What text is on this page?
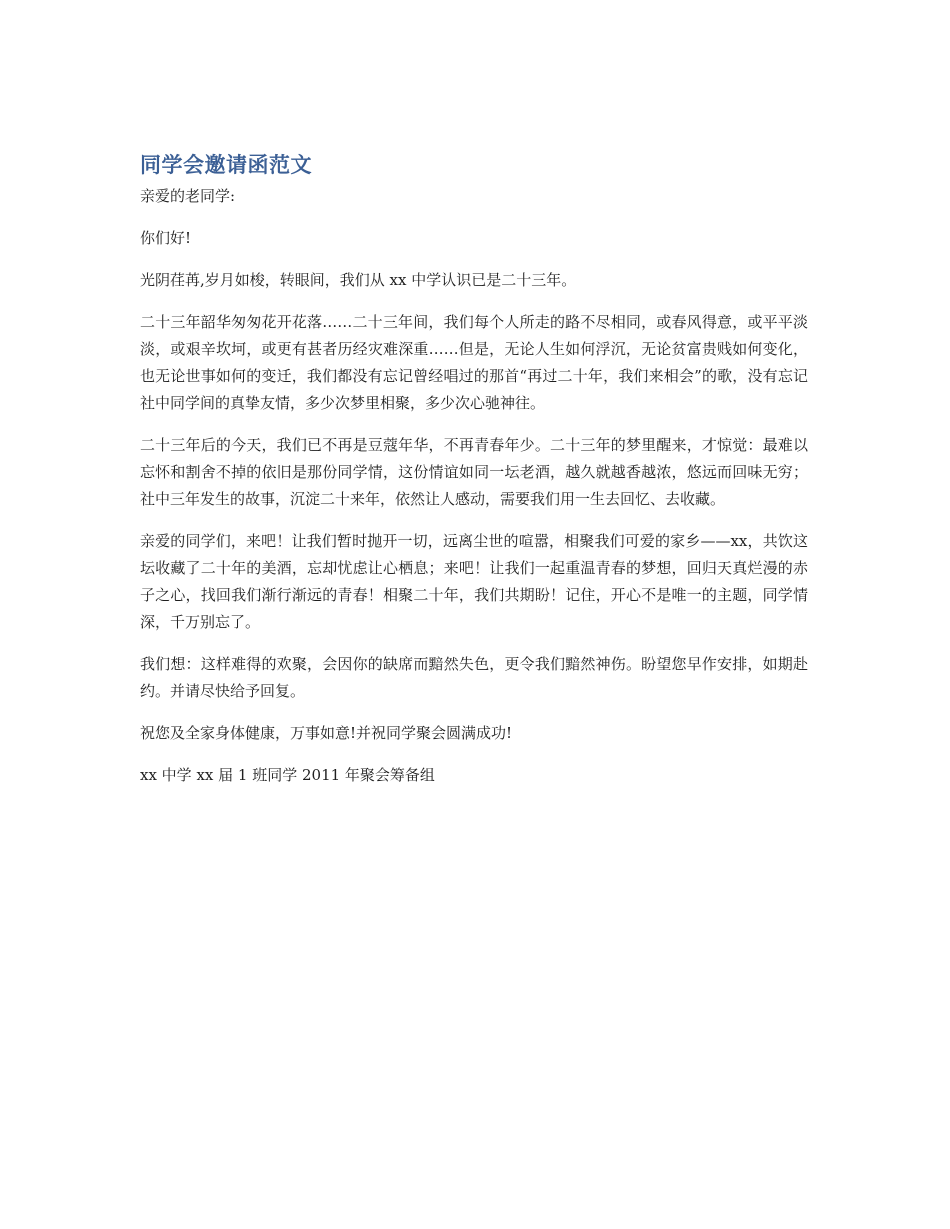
同学会邀请函范文

亲爱的老同学:

你们好!

光阴荏苒,岁月如梭，转眼间，我们从 xx 中学认识已是二十三年。

二十三年韶华匆匆花开花落……二十三年间，我们每个人所走的路不尽相同，或春风得意，或平平淡淡，或艰辛坎坷，或更有甚者历经灾难深重……但是，无论人生如何浮沉，无论贫富贵贱如何变化，也无论世事如何的变迁，我们都没有忘记曾经唱过的那首“再过二十年，我们来相会”的歌，没有忘记社中同学间的真挚友情，多少次梦里相聚，多少次心驰神往。

二十三年后的今天，我们已不再是豆蔻年华，不再青春年少。二十三年的梦里醒来，才惊觉：最难以忘怀和割舍不掉的依旧是那份同学情，这份情谊如同一坛老酒，越久就越香越浓，悠远而回味无穷；社中三年发生的故事，沉淀二十来年，依然让人感动，需要我们用一生去回忆、去收藏。

亲爱的同学们，来吧！让我们暂时抛开一切，远离尘世的喧嚣，相聚我们可爱的家乡——xx，共饮这坛收藏了二十年的美酒，忘却忧虑让心栖息；来吧！让我们一起重温青春的梦想，回归天真烂漫的赤子之心，找回我们渐行渐远的青春！相聚二十年，我们共期盼！记住，开心不是唯一的主题，同学情深，千万别忘了。

我们想：这样难得的欢聚，会因你的缺席而黯然失色，更令我们黯然神伤。盼望您早作安排，如期赴约。并请尽快给予回复。

祝您及全家身体健康，万事如意!并祝同学聚会圆满成功!

xx 中学 xx 届 1 班同学 2011 年聚会筹备组
